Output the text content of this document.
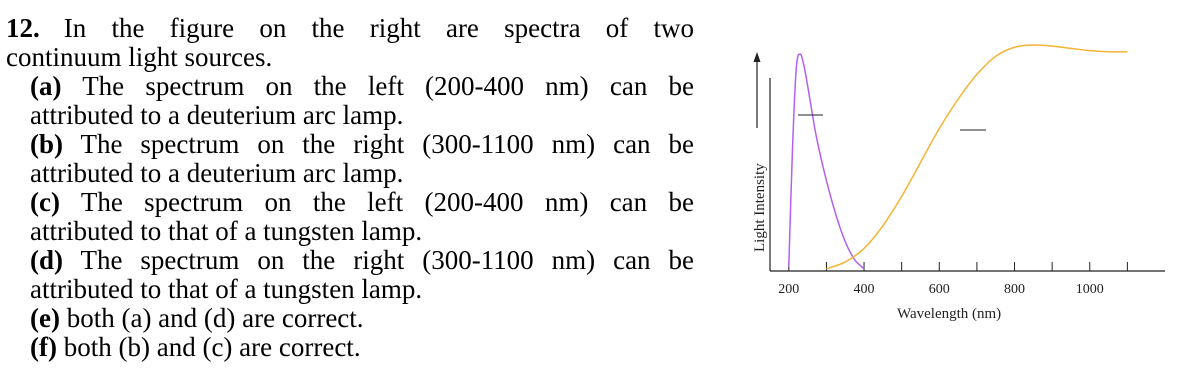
12. In the figure on the right are spectra of two
continuum light sources.
(a) The spectrum on the left (200-400 nm) can be
attributed to a deuterium arc lamp.
(b) The spectrum on the right (300-1100 nm) can be
attributed to a deuterium arc lamp.
(c) The spectrum on the left (200-400 nm) can be
attributed to that of a tungsten lamp.
(d) The spectrum on the right (300-1100 nm) can be
attributed to that of a tungsten lamp.
(e) both (a) and (d) are correct.
(f) both (b) and (c) are correct.
Light Intensity
200	400	600	800	1000
Wavelength (nm)
